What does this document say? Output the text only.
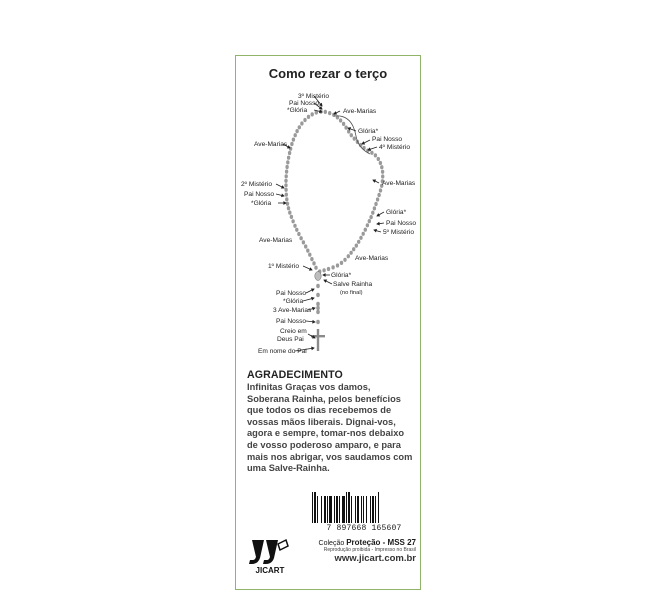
Como rezar o terço
3º Mistério
Pai Nosso
*Glória	Ave-Marias
Glória*
Pai Nosso
4º Mistério
Ave-Marias
Ave-Marias
2º Mistério
Pai Nosso
*Glória
Glória*
Pai Nosso
5º Mistério
Ave-Marias
Ave-Marias
1º Mistério
Glória*
Salve Rainha
(no final)
Pai Nosso
*Glória
3 Ave-Marias
Pai Nosso
Creio em
Deus Pai
Em nome do Pai
AGRADECIMENTO

Infinitas Graças vos damos, Soberana Rainha, pelos benefícios que todos os dias recebemos de vossas mãos liberais. Dignai-vos, agora e sempre, tomar-nos debaixo de vosso poderoso amparo, e para mais nos abrigar, vos saudamos com uma Salve-Rainha.

7 897668 165607
JICART
Coleção Proteção - MSS 27
Reprodução proibida - Impresso no Brasil
www.jicart.com.br
